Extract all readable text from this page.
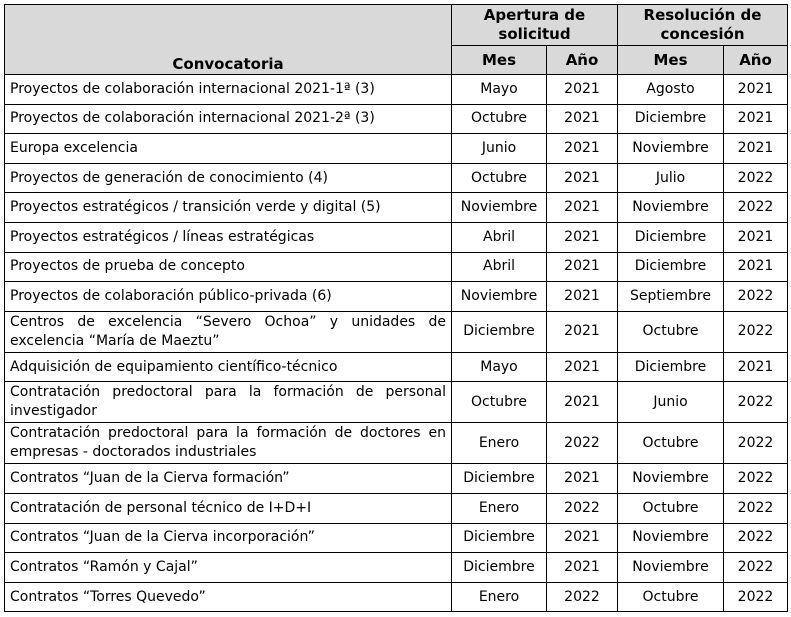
Convocatoria	Apertura de solicitud		Resolución de concesión	
	Mes	Año	Mes	Año
Proyectos de colaboración internacional 2021-1ª (3)	Mayo	2021	Agosto	2021
Proyectos de colaboración internacional 2021-2ª (3)	Octubre	2021	Diciembre	2021
Europa excelencia	Junio	2021	Noviembre	2021
Proyectos de generación de conocimiento (4)	Octubre	2021	Julio	2022
Proyectos estratégicos / transición verde y digital (5)	Noviembre	2021	Noviembre	2022
Proyectos estratégicos / líneas estratégicas	Abril	2021	Diciembre	2021
Proyectos de prueba de concepto	Abril	2021	Diciembre	2021
Proyectos de colaboración público-privada (6)	Noviembre	2021	Septiembre	2022
Centros de excelencia “Severo Ochoa” y unidades de excelencia “María de Maeztu”	Diciembre	2021	Octubre	2022
Adquisición de equipamiento científico-técnico	Mayo	2021	Diciembre	2021
Contratación predoctoral para la formación de personal investigador	Octubre	2021	Junio	2022
Contratación predoctoral para la formación de doctores en empresas - doctorados industriales	Enero	2022	Octubre	2022
Contratos “Juan de la Cierva formación”	Diciembre	2021	Noviembre	2022
Contratación de personal técnico de I+D+I	Enero	2022	Octubre	2022
Contratos “Juan de la Cierva incorporación”	Diciembre	2021	Noviembre	2022
Contratos “Ramón y Cajal”	Diciembre	2021	Noviembre	2022
Contratos “Torres Quevedo”	Enero	2022	Octubre	2022
